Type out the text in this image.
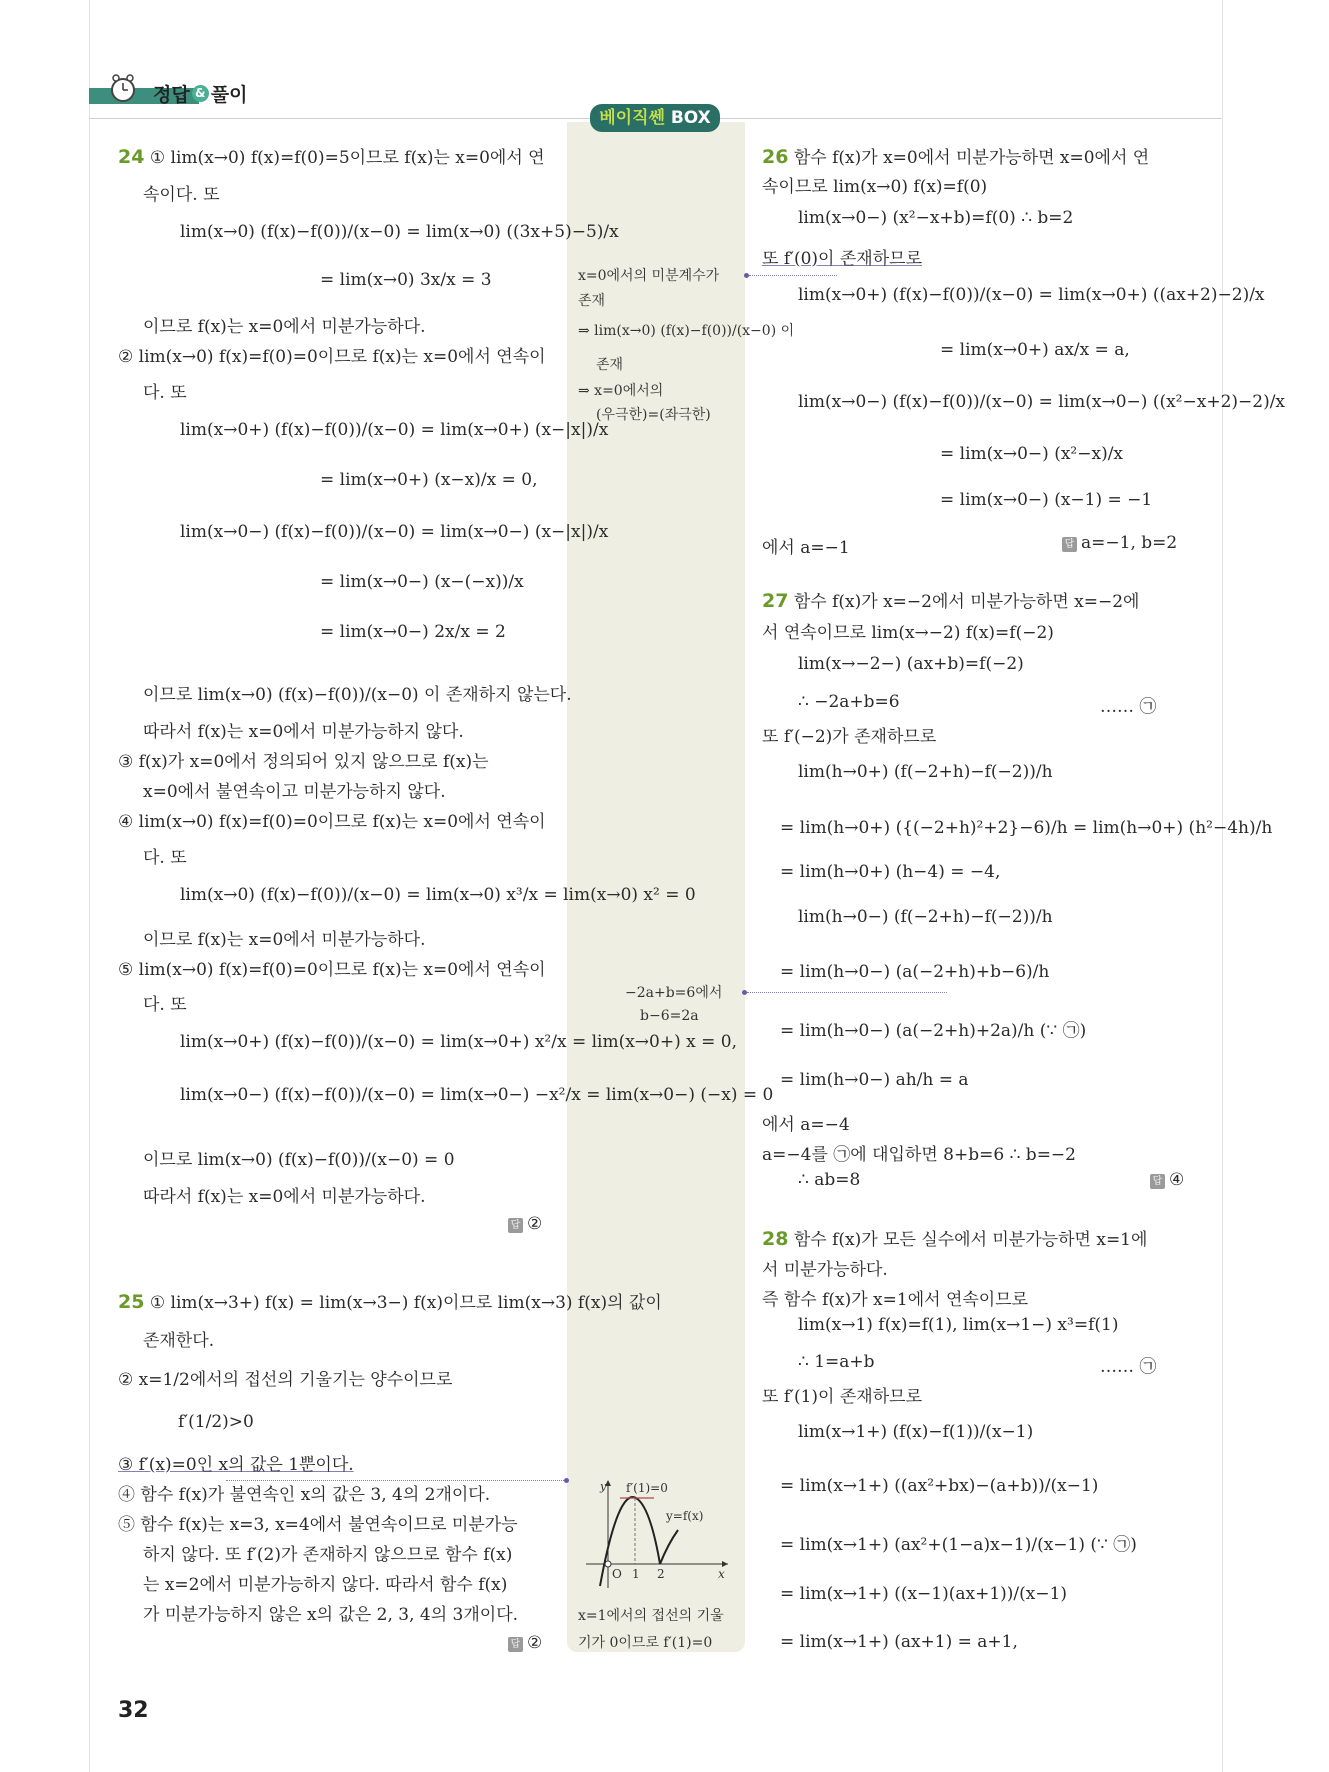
정답 & 풀이
베이직쎈 BOX
24 ① lim(x→0) f(x)=f(0)=5이므로 f(x)는 x=0에서 연
속이다. 또
lim(x→0) (f(x)−f(0))/(x−0) = lim(x→0) ((3x+5)−5)/x
= lim(x→0) 3x/x = 3
이므로 f(x)는 x=0에서 미분가능하다.
② lim(x→0) f(x)=f(0)=0이므로 f(x)는 x=0에서 연속이
다. 또
lim(x→0+) (f(x)−f(0))/(x−0) = lim(x→0+) (x−|x|)/x
= lim(x→0+) (x−x)/x = 0,
lim(x→0−) (f(x)−f(0))/(x−0) = lim(x→0−) (x−|x|)/x
= lim(x→0−) (x−(−x))/x
= lim(x→0−) 2x/x = 2
이므로 lim(x→0) (f(x)−f(0))/(x−0) 이 존재하지 않는다.
따라서 f(x)는 x=0에서 미분가능하지 않다.
③ f(x)가 x=0에서 정의되어 있지 않으므로 f(x)는
x=0에서 불연속이고 미분가능하지 않다.
④ lim(x→0) f(x)=f(0)=0이므로 f(x)는 x=0에서 연속이
다. 또
lim(x→0) (f(x)−f(0))/(x−0) = lim(x→0) x³/x = lim(x→0) x² = 0
이므로 f(x)는 x=0에서 미분가능하다.
⑤ lim(x→0) f(x)=f(0)=0이므로 f(x)는 x=0에서 연속이
다. 또
lim(x→0+) (f(x)−f(0))/(x−0) = lim(x→0+) x²/x = lim(x→0+) x = 0,
lim(x→0−) (f(x)−f(0))/(x−0) = lim(x→0−) −x²/x = lim(x→0−) (−x) = 0
이므로 lim(x→0) (f(x)−f(0))/(x−0) = 0
따라서 f(x)는 x=0에서 미분가능하다.
답 ②
25 ① lim(x→3+) f(x) = lim(x→3−) f(x)이므로 lim(x→3) f(x)의 값이
존재한다.
② x=1/2에서의 접선의 기울기는 양수이므로
f′(1/2)>0
③ f′(x)=0인 x의 값은 1뿐이다.
④ 함수 f(x)가 불연속인 x의 값은 3, 4의 2개이다.
⑤ 함수 f(x)는 x=3, x=4에서 불연속이므로 미분가능
하지 않다. 또 f′(2)가 존재하지 않으므로 함수 f(x)
는 x=2에서 미분가능하지 않다. 따라서 함수 f(x)
가 미분가능하지 않은 x의 값은 2, 3, 4의 3개이다.
답 ②
x=0에서의 미분계수가
존재
⇒ lim(x→0) (f(x)−f(0))/(x−0) 이
존재
⇒ x=0에서의
(우극한)=(좌극한)
−2a+b=6에서
b−6=2a
y f′(1)=0
y=f(x)
O 1 2	x
x=1에서의 접선의 기울
기가 0이므로 f′(1)=0
26 함수 f(x)가 x=0에서 미분가능하면 x=0에서 연
속이므로 lim(x→0) f(x)=f(0)
lim(x→0−) (x²−x+b)=f(0) ∴ b=2
또 f′(0)이 존재하므로
lim(x→0+) (f(x)−f(0))/(x−0) = lim(x→0+) ((ax+2)−2)/x
= lim(x→0+) ax/x = a,
lim(x→0−) (f(x)−f(0))/(x−0) = lim(x→0−) ((x²−x+2)−2)/x
= lim(x→0−) (x²−x)/x
= lim(x→0−) (x−1) = −1
에서 a=−1	답 a=−1, b=2
27 함수 f(x)가 x=−2에서 미분가능하면 x=−2에
서 연속이므로 lim(x→−2) f(x)=f(−2)
lim(x→−2−) (ax+b)=f(−2)
∴ −2a+b=6	…… ㉠
또 f′(−2)가 존재하므로
lim(h→0+) (f(−2+h)−f(−2))/h
= lim(h→0+) ({(−2+h)²+2}−6)/h = lim(h→0+) (h²−4h)/h
= lim(h→0+) (h−4) = −4,
lim(h→0−) (f(−2+h)−f(−2))/h
= lim(h→0−) (a(−2+h)+b−6)/h
= lim(h→0−) (a(−2+h)+2a)/h (∵ ㉠)
= lim(h→0−) ah/h = a
에서 a=−4
a=−4를 ㉠에 대입하면 8+b=6 ∴ b=−2
∴ ab=8	답 ④
28 함수 f(x)가 모든 실수에서 미분가능하면 x=1에
서 미분가능하다.
즉 함수 f(x)가 x=1에서 연속이므로
lim(x→1) f(x)=f(1), lim(x→1−) x³=f(1)
∴ 1=a+b	…… ㉠
또 f′(1)이 존재하므로
lim(x→1+) (f(x)−f(1))/(x−1)
= lim(x→1+) ((ax²+bx)−(a+b))/(x−1)
= lim(x→1+) (ax²+(1−a)x−1)/(x−1) (∵ ㉠)
= lim(x→1+) ((x−1)(ax+1))/(x−1)
= lim(x→1+) (ax+1) = a+1,
32
